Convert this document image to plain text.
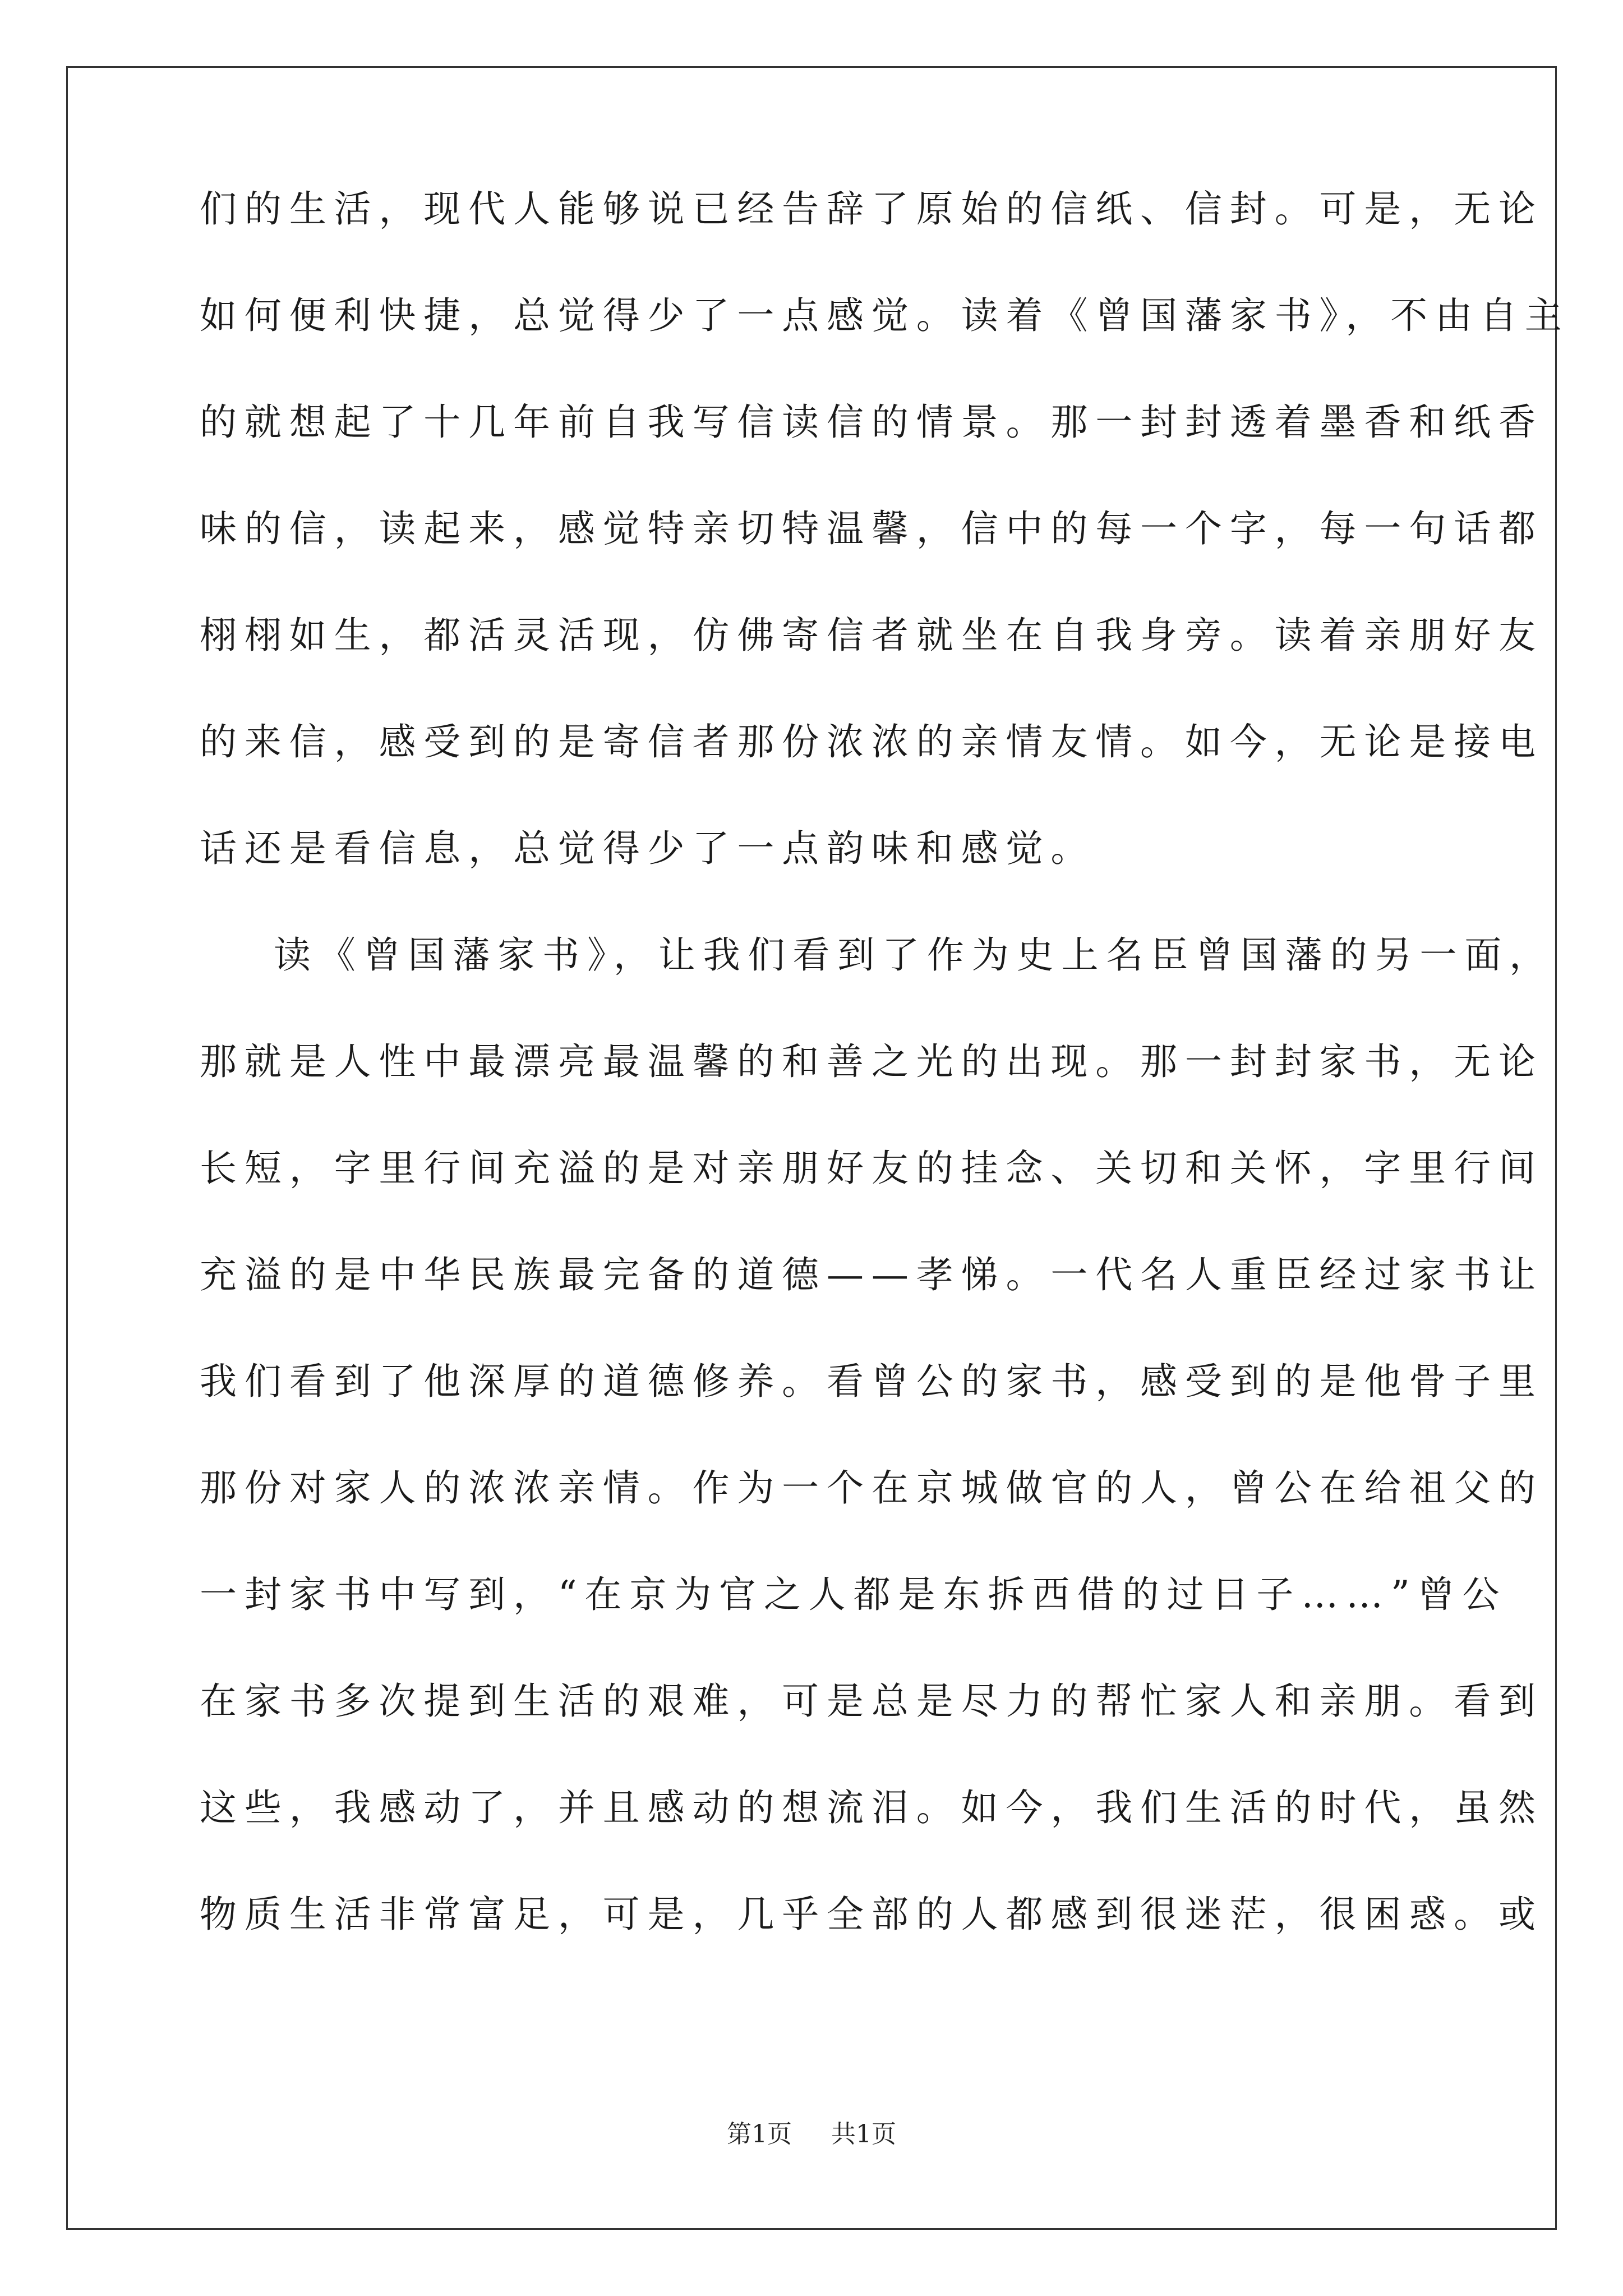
们的生活，现代人能够说已经告辞了原始的信纸、信封。可是，无论
如何便利快捷，总觉得少了一点感觉。读着《曾国藩家书》，不由自主
的就想起了十几年前自我写信读信的情景。那一封封透着墨香和纸香
味的信，读起来，感觉特亲切特温馨，信中的每一个字，每一句话都
栩栩如生，都活灵活现，仿佛寄信者就坐在自我身旁。读着亲朋好友
的来信，感受到的是寄信者那份浓浓的亲情友情。如今，无论是接电
话还是看信息，总觉得少了一点韵味和感觉。
读《曾国藩家书》，让我们看到了作为史上名臣曾国藩的另一面，
那就是人性中最漂亮最温馨的和善之光的出现。那一封封家书，无论
长短，字里行间充溢的是对亲朋好友的挂念、关切和关怀，字里行间
充溢的是中华民族最完备的道德——孝悌。一代名人重臣经过家书让
我们看到了他深厚的道德修养。看曾公的家书，感受到的是他骨子里
那份对家人的浓浓亲情。作为一个在京城做官的人，曾公在给祖父的
一封家书中写到，“在京为官之人都是东拆西借的过日子……”曾公
在家书多次提到生活的艰难，可是总是尽力的帮忙家人和亲朋。看到
这些，我感动了，并且感动的想流泪。如今，我们生活的时代，虽然
物质生活非常富足，可是，几乎全部的人都感到很迷茫，很困惑。或
第1页 共1页
